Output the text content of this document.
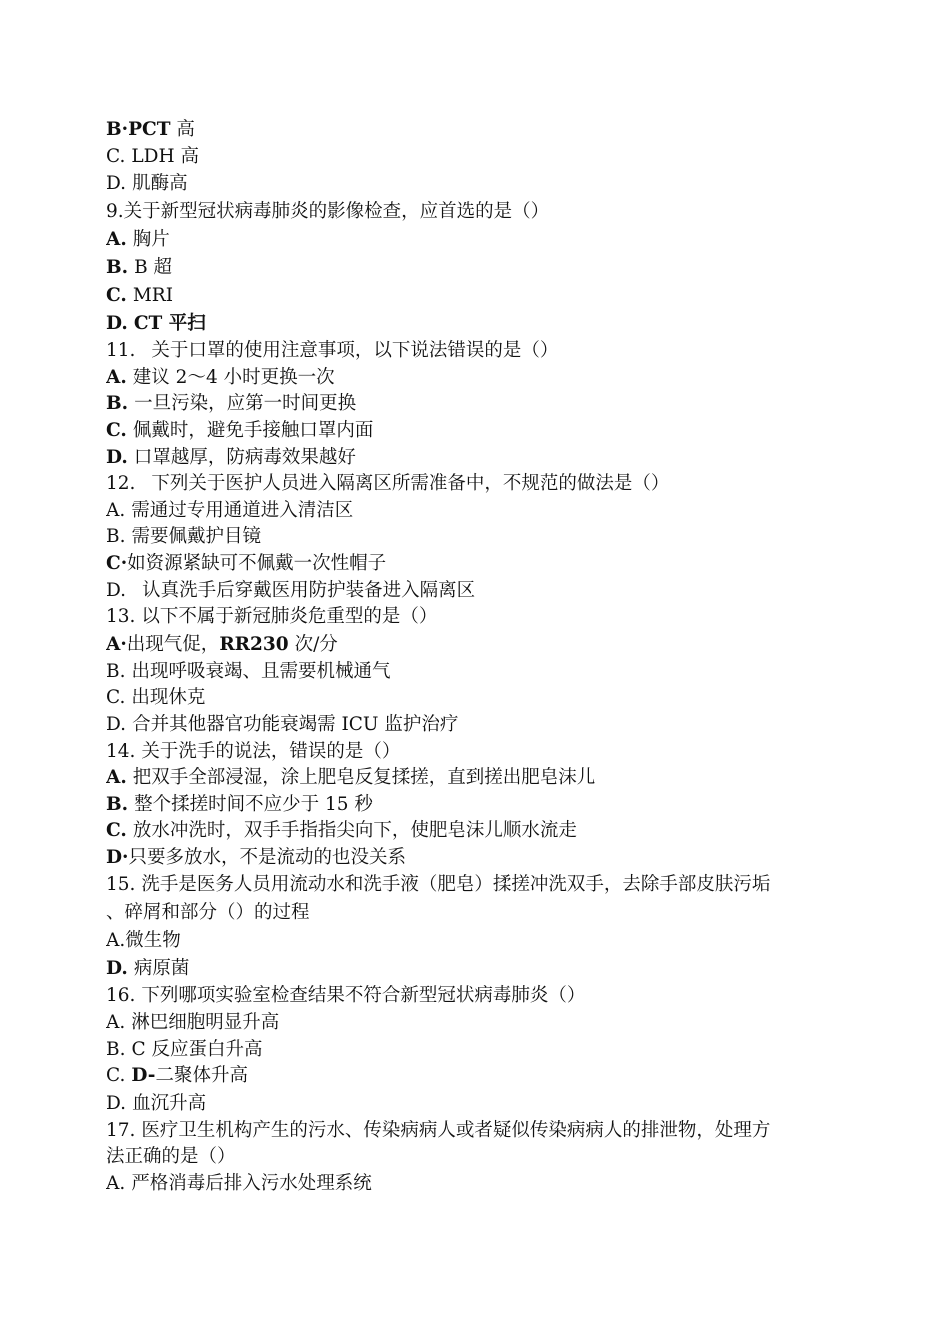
B·PCT 高
C. LDH 高
D. 肌酶高
9.关于新型冠状病毒肺炎的影像检查，应首选的是（）
A. 胸片
B. B 超
C. MRI
D. CT 平扫
11. 关于口罩的使用注意事项，以下说法错误的是（）
A. 建议 2〜4 小时更换一次
B. 一旦污染，应第一时间更换
C. 佩戴时，避免手接触口罩内面
D. 口罩越厚，防病毒效果越好
12. 下列关于医护人员进入隔离区所需准备中，不规范的做法是（）
A. 需通过专用通道进入清洁区
B. 需要佩戴护目镜
C·如资源紧缺可不佩戴一次性帽子
D. 认真洗手后穿戴医用防护装备进入隔离区
13. 以下不属于新冠肺炎危重型的是（）
A·出现气促，RR230 次/分
B. 出现呼吸衰竭、且需要机械通气
C. 出现休克
D. 合并其他器官功能衰竭需 ICU 监护治疗
14. 关于洗手的说法，错误的是（）
A. 把双手全部浸湿，涂上肥皂反复揉搓，直到搓出肥皂沫儿
B. 整个揉搓时间不应少于 15 秒
C. 放水冲洗时，双手手指指尖向下，使肥皂沫儿顺水流走
D·只要多放水，不是流动的也没关系
15. 洗手是医务人员用流动水和洗手液（肥皂）揉搓冲洗双手，去除手部皮肤污垢
、碎屑和部分（）的过程
A.微生物
D. 病原菌
16. 下列哪项实验室检查结果不符合新型冠状病毒肺炎（）
A. 淋巴细胞明显升高
B. C 反应蛋白升高
C. D-二聚体升高
D. 血沉升高
17. 医疗卫生机构产生的污水、传染病病人或者疑似传染病病人的排泄物，处理方
法正确的是（）
A. 严格消毒后排入污水处理系统
